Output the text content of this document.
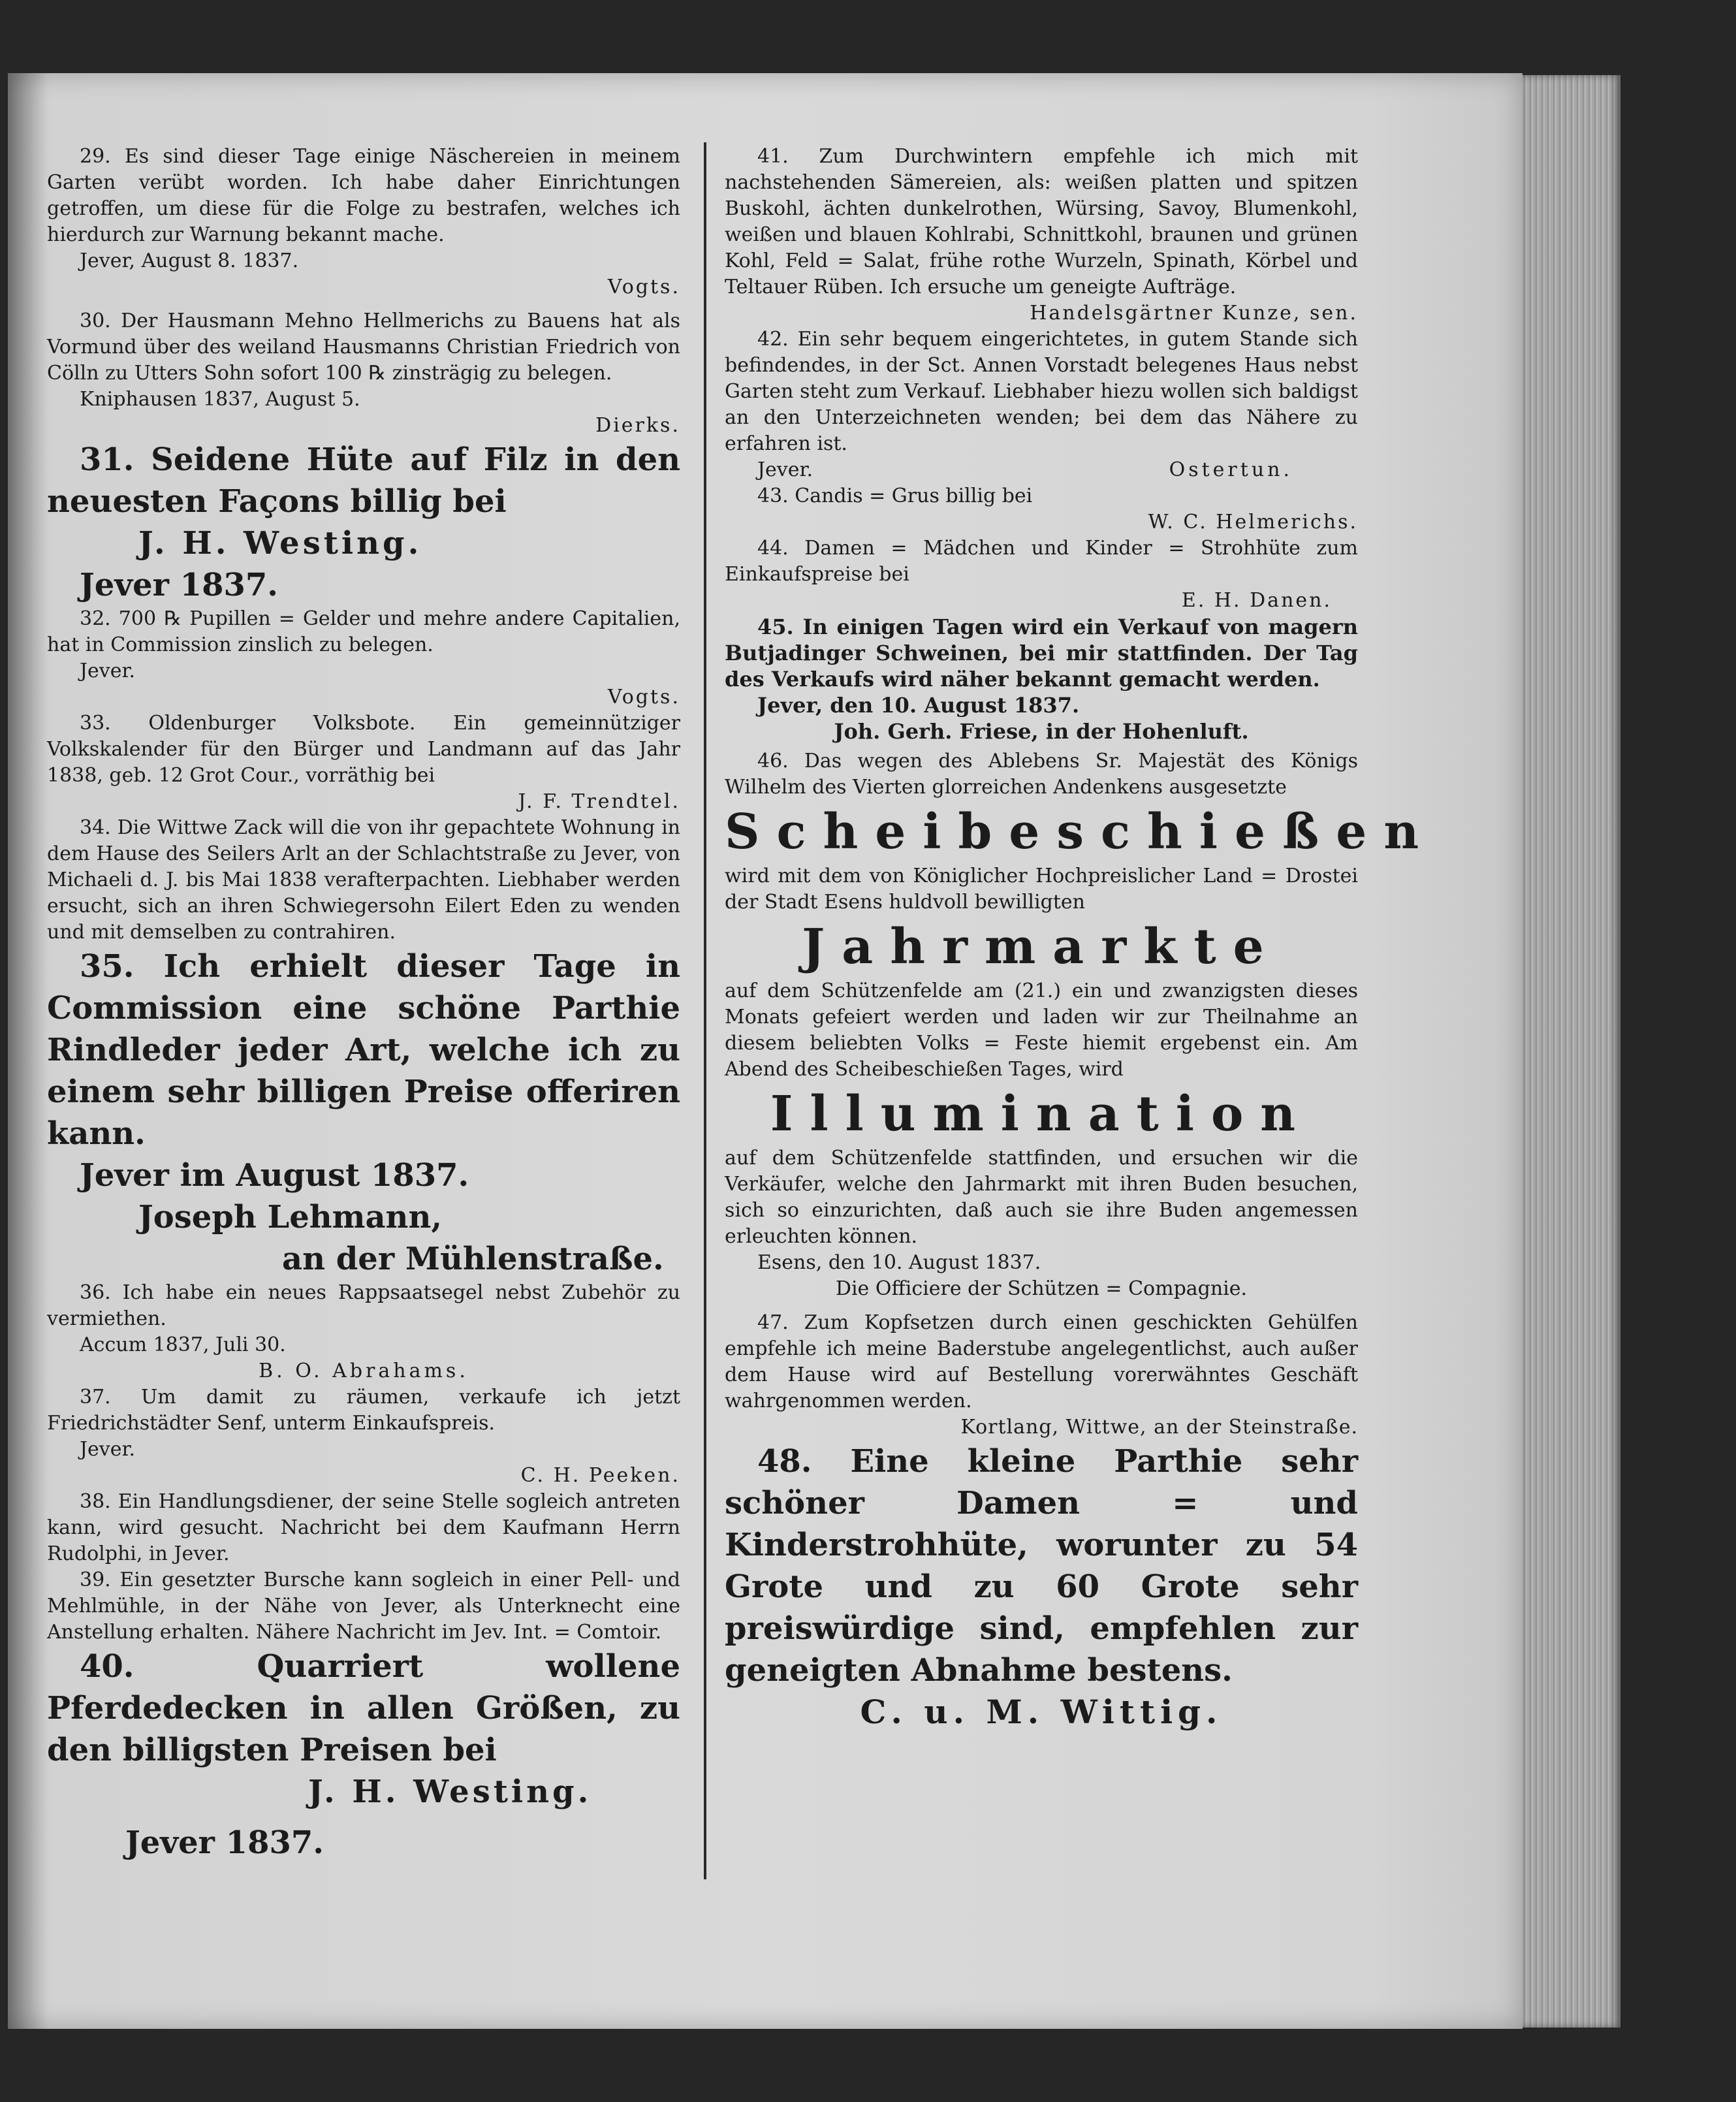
29. Es sind dieser Tage einige Näschereien in meinem Garten verübt worden. Ich habe daher Einrichtungen getroffen, um diese für die Folge zu bestrafen, welches ich hierdurch zur Warnung bekannt mache.

Jever, August 8. 1837.

Vogts.

30. Der Hausmann Mehno Hellmerichs zu Bauens hat als Vormund über des weiland Hausmanns Christian Friedrich von Cölln zu Utters Sohn sofort 100 ℞ zinsträgig zu belegen.

Kniphausen 1837, August 5.

Dierks.

31. Seidene Hüte auf Filz in den neuesten Façons billig bei

J. H. Westing.

Jever 1837.

32. 700 ℞ Pupillen = Gelder und mehre andere Capitalien, hat in Commission zinslich zu belegen.

Jever.

Vogts.

33. Oldenburger Volksbote. Ein gemeinnütziger Volkskalender für den Bürger und Landmann auf das Jahr 1838, geb. 12 Grot Cour., vorräthig bei

J. F. Trendtel.

34. Die Wittwe Zack will die von ihr gepachtete Wohnung in dem Hause des Seilers Arlt an der Schlachtstraße zu Jever, von Michaeli d. J. bis Mai 1838 verafterpachten. Liebhaber werden ersucht, sich an ihren Schwiegersohn Eilert Eden zu wenden und mit demselben zu contrahiren.

35. Ich erhielt dieser Tage in Commission eine schöne Parthie Rindleder jeder Art, welche ich zu einem sehr billigen Preise offeriren kann.

Jever im August 1837.

Joseph Lehmann,

an der Mühlenstraße.

36. Ich habe ein neues Rappsaatsegel nebst Zubehör zu vermiethen.

Accum 1837, Juli 30.

B. O. Abrahams.

37. Um damit zu räumen, verkaufe ich jetzt Friedrichstädter Senf, unterm Einkaufspreis.

Jever.

C. H. Peeken.

38. Ein Handlungsdiener, der seine Stelle sogleich antreten kann, wird gesucht. Nachricht bei dem Kaufmann Herrn Rudolphi, in Jever.

39. Ein gesetzter Bursche kann sogleich in einer Pell- und Mehlmühle, in der Nähe von Jever, als Unterknecht eine Anstellung erhalten. Nähere Nachricht im Jev. Int. = Comtoir.

40. Quarriert wollene Pferdedecken in allen Größen, zu den billigsten Preisen bei

J. H. Westing.

Jever 1837.

41. Zum Durchwintern empfehle ich mich mit nachstehenden Sämereien, als: weißen platten und spitzen Buskohl, ächten dunkelrothen, Würsing, Savoy, Blumenkohl, weißen und blauen Kohlrabi, Schnittkohl, braunen und grünen Kohl, Feld = Salat, frühe rothe Wurzeln, Spinath, Körbel und Teltauer Rüben. Ich ersuche um geneigte Aufträge.

Handelsgärtner Kunze, sen.

42. Ein sehr bequem eingerichtetes, in gutem Stande sich befindendes, in der Sct. Annen Vorstadt belegenes Haus nebst Garten steht zum Verkauf. Liebhaber hiezu wollen sich baldigst an den Unterzeichneten wenden; bei dem das Nähere zu erfahren ist.

Jever.	Ostertun.

43. Candis = Grus billig bei

W. C. Helmerichs.

44. Damen = Mädchen und Kinder = Strohhüte zum Einkaufspreise bei

E. H. Danen.

45. In einigen Tagen wird ein Verkauf von magern Butjadinger Schweinen, bei mir stattfinden. Der Tag des Verkaufs wird näher bekannt gemacht werden.

Jever, den 10. August 1837.

Joh. Gerh. Friese, in der Hohenluft.

46. Das wegen des Ablebens Sr. Majestät des Königs Wilhelm des Vierten glorreichen Andenkens ausgesetzte

Scheibeschießen

wird mit dem von Königlicher Hochpreislicher Land = Drostei der Stadt Esens huldvoll bewilligten

Jahrmarkte

auf dem Schützenfelde am (21.) ein und zwanzigsten dieses Monats gefeiert werden und laden wir zur Theilnahme an diesem beliebten Volks = Feste hiemit ergebenst ein. Am Abend des Scheibeschießen Tages, wird

Illumination

auf dem Schützenfelde stattfinden, und ersuchen wir die Verkäufer, welche den Jahrmarkt mit ihren Buden besuchen, sich so einzurichten, daß auch sie ihre Buden angemessen erleuchten können.

Esens, den 10. August 1837.

Die Officiere der Schützen = Compagnie.

47. Zum Kopfsetzen durch einen geschickten Gehülfen empfehle ich meine Baderstube angelegentlichst, auch außer dem Hause wird auf Bestellung vorerwähntes Geschäft wahrgenommen werden.

Kortlang, Wittwe, an der Steinstraße.

48. Eine kleine Parthie sehr schöner Damen = und Kinderstrohhüte, worunter zu 54 Grote und zu 60 Grote sehr preiswürdige sind, empfehlen zur geneigten Abnahme bestens.

C. u. M. Wittig.
